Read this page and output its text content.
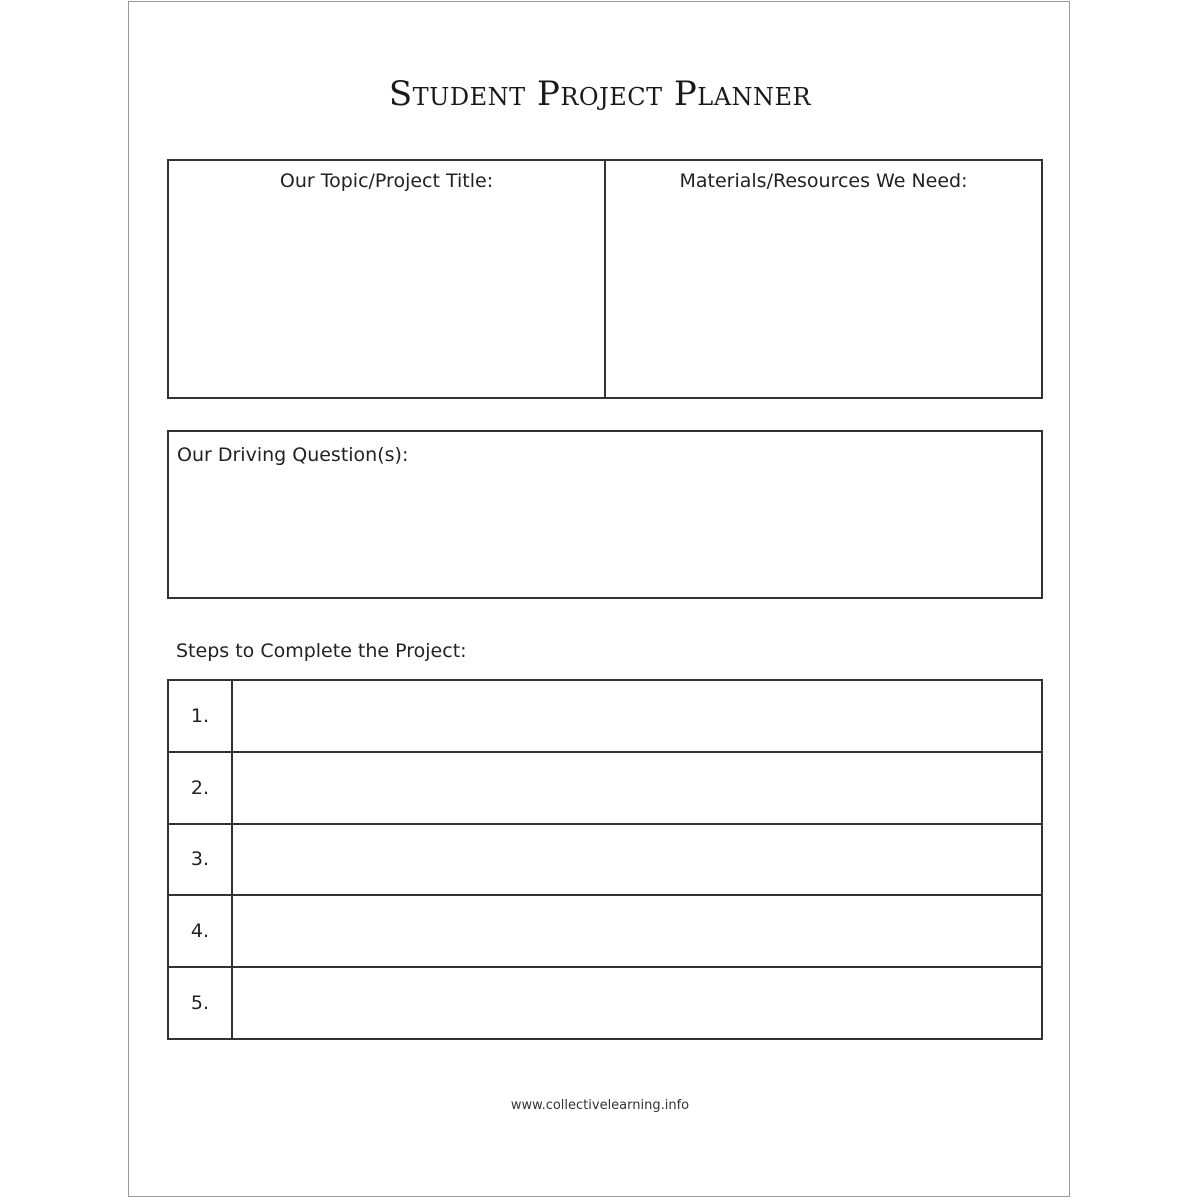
Student Project Planner
Our Topic/Project Title:	Materials/Resources We Need:
Our Driving Question(s):
Steps to Complete the Project:
1.
2.
3.
4.
5.
www.collectivelearning.info
